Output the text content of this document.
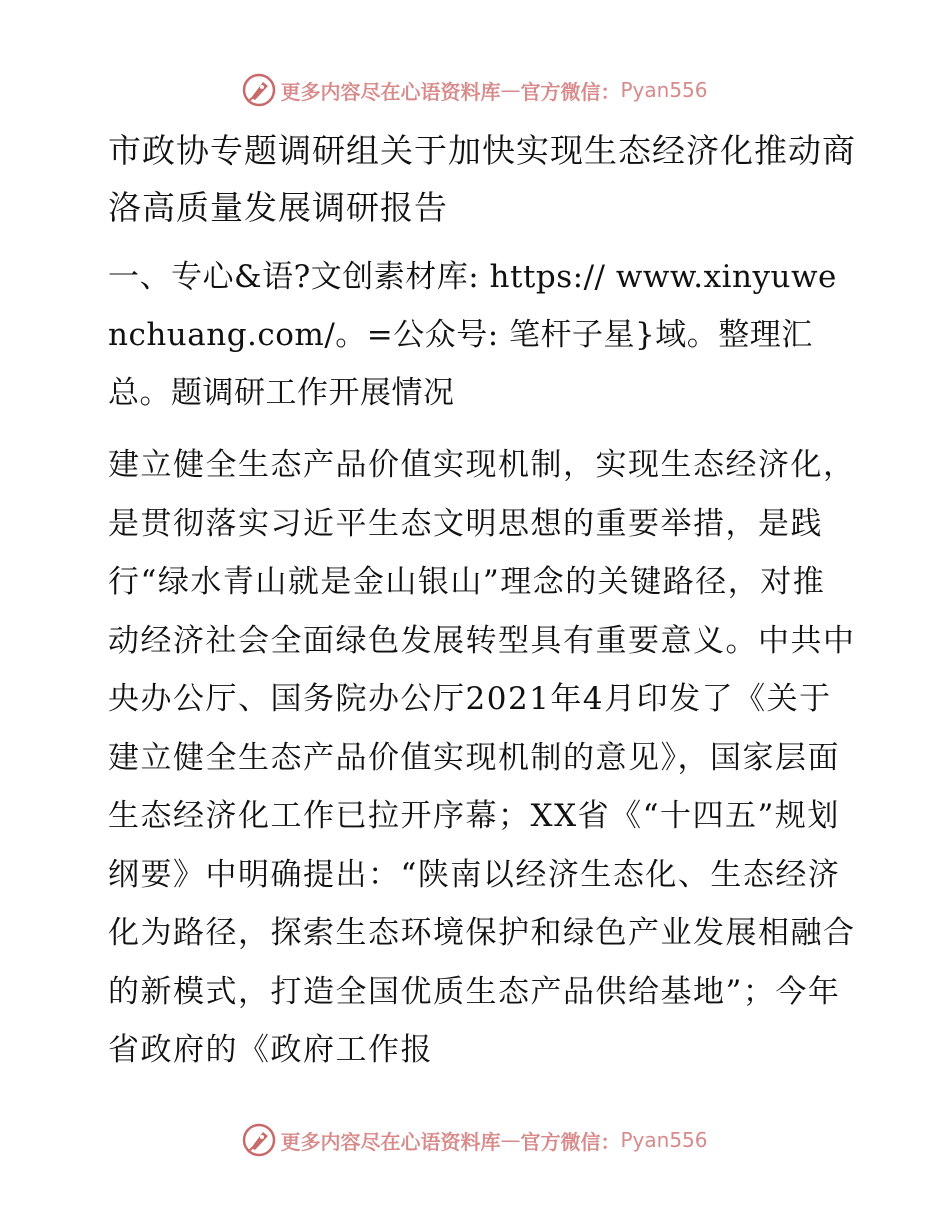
更多内容尽在心语资料库 — 官方微信： Pyan556
市政协专题调研组关于加快实现生态经济化推动商洛高质量发展调研报告

一、专心&语?文创素材库: https:// www.xinyuwenchuang.com/。=公众号: 笔杆子星}域。整理汇总。题调研工作开展情况

建立健全生态产品价值实现机制，实现生态经济化，是贯彻落实习近平生态文明思想的重要举措，是践行“绿水青山就是金山银山”理念的关键路径，对推动经济社会全面绿色发展转型具有重要意义。中共中央办公厅、国务院办公厅2021年4月印发了《关于建立健全生态产品价值实现机制的意见》，国家层面生态经济化工作已拉开序幕；XX省《“十四五”规划纲要》中明确提出：“陕南以经济生态化、生态经济化为路径，探索生态环境保护和绿色产业发展相融合的新模式，打造全国优质生态产品供给基地”；今年省政府的《政府工作报

更多内容尽在心语资料库 — 官方微信： Pyan556
